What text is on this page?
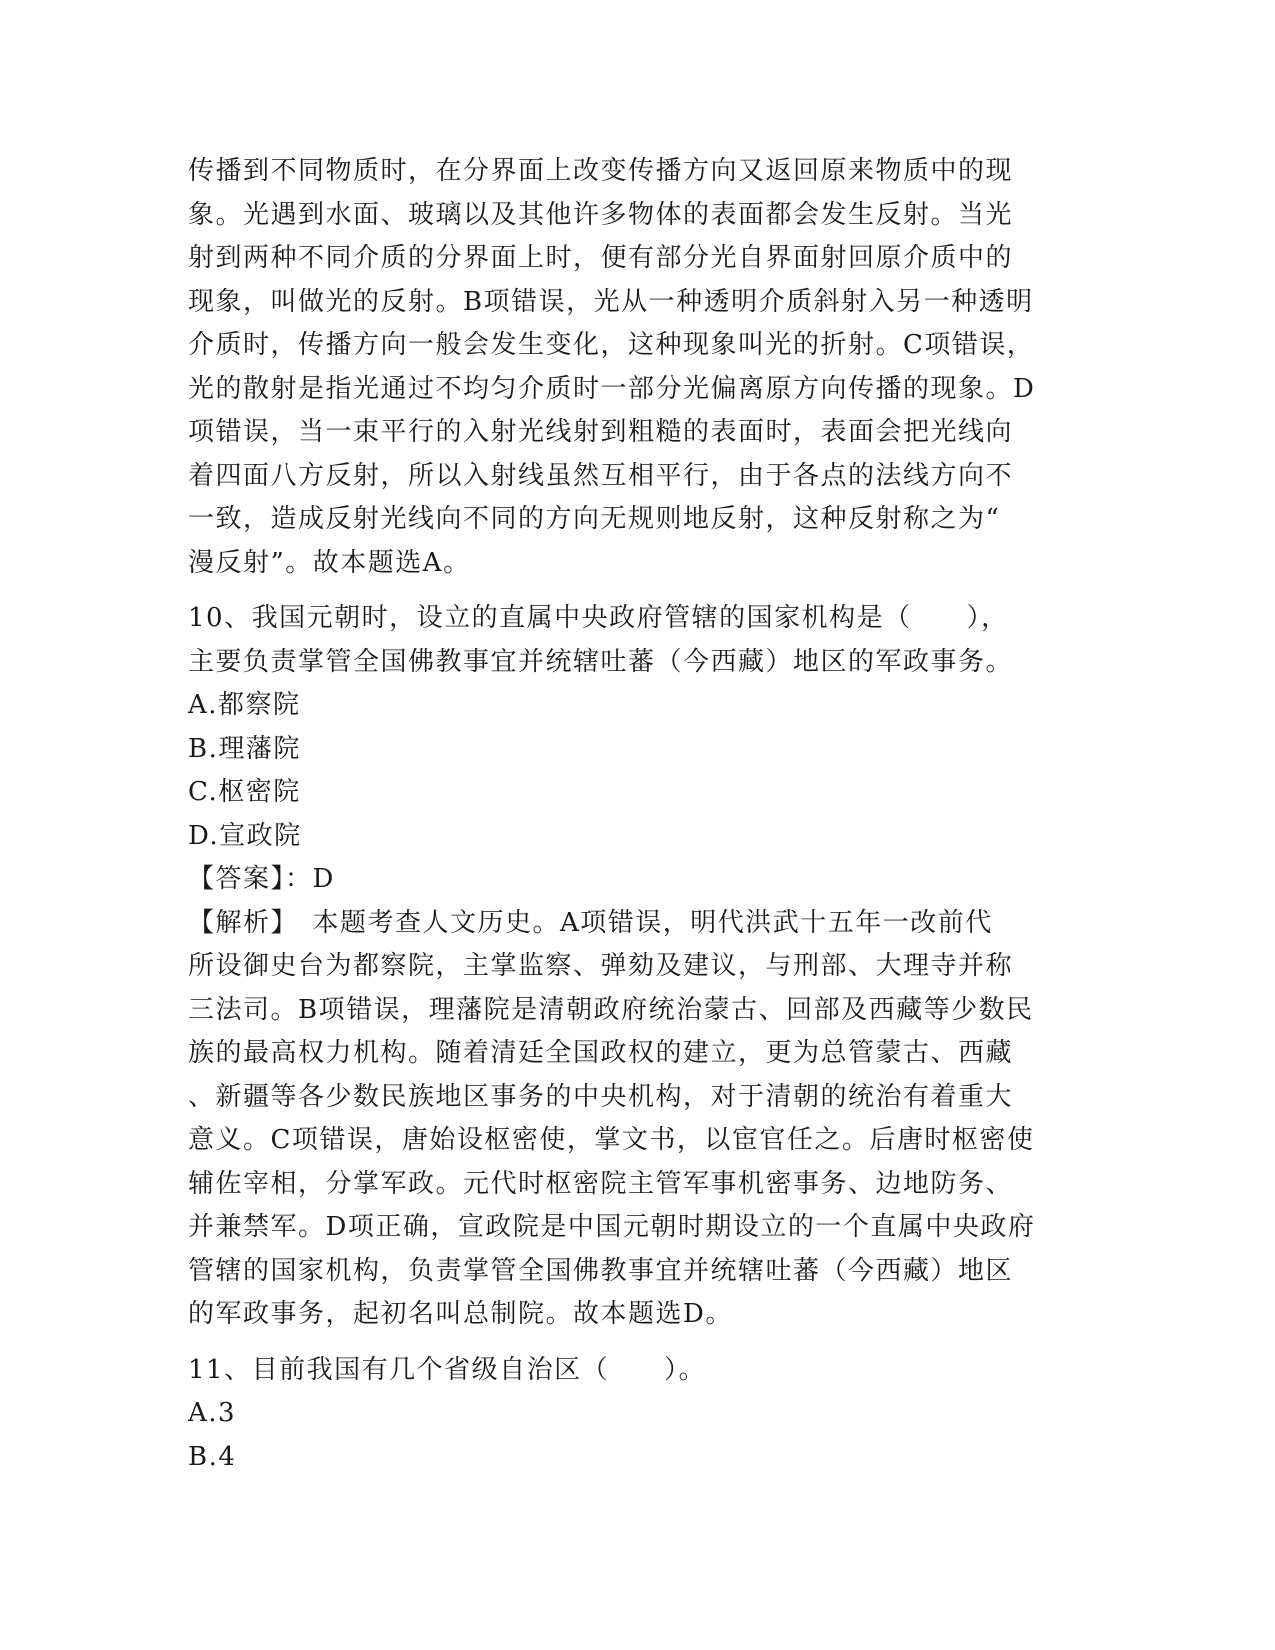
传播到不同物质时，在分界面上改变传播方向又返回原来物质中的现

象。光遇到水面、玻璃以及其他许多物体的表面都会发生反射。当光

射到两种不同介质的分界面上时，便有部分光自界面射回原介质中的

现象，叫做光的反射。B项错误，光从一种透明介质斜射入另一种透明

介质时，传播方向一般会发生变化，这种现象叫光的折射。C项错误，

光的散射是指光通过不均匀介质时一部分光偏离原方向传播的现象。D

项错误，当一束平行的入射光线射到粗糙的表面时，表面会把光线向

着四面八方反射，所以入射线虽然互相平行，由于各点的法线方向不

一致，造成反射光线向不同的方向无规则地反射，这种反射称之为“

漫反射”。故本题选A。

10、我国元朝时，设立的直属中央政府管辖的国家机构是（　　），

主要负责掌管全国佛教事宜并统辖吐蕃（今西藏）地区的军政事务。

A.都察院

B.理藩院

C.枢密院

D.宣政院

【答案】：D

【解析】　本题考查人文历史。A项错误，明代洪武十五年一改前代

所设御史台为都察院，主掌监察、弹劾及建议，与刑部、大理寺并称

三法司。B项错误，理藩院是清朝政府统治蒙古、回部及西藏等少数民

族的最高权力机构。随着清廷全国政权的建立，更为总管蒙古、西藏

、新疆等各少数民族地区事务的中央机构，对于清朝的统治有着重大

意义。C项错误，唐始设枢密使，掌文书，以宦官任之。后唐时枢密使

辅佐宰相，分掌军政。元代时枢密院主管军事机密事务、边地防务、

并兼禁军。D项正确，宣政院是中国元朝时期设立的一个直属中央政府

管辖的国家机构，负责掌管全国佛教事宜并统辖吐蕃（今西藏）地区

的军政事务，起初名叫总制院。故本题选D。

11、目前我国有几个省级自治区（　　）。

A.3

B.4
